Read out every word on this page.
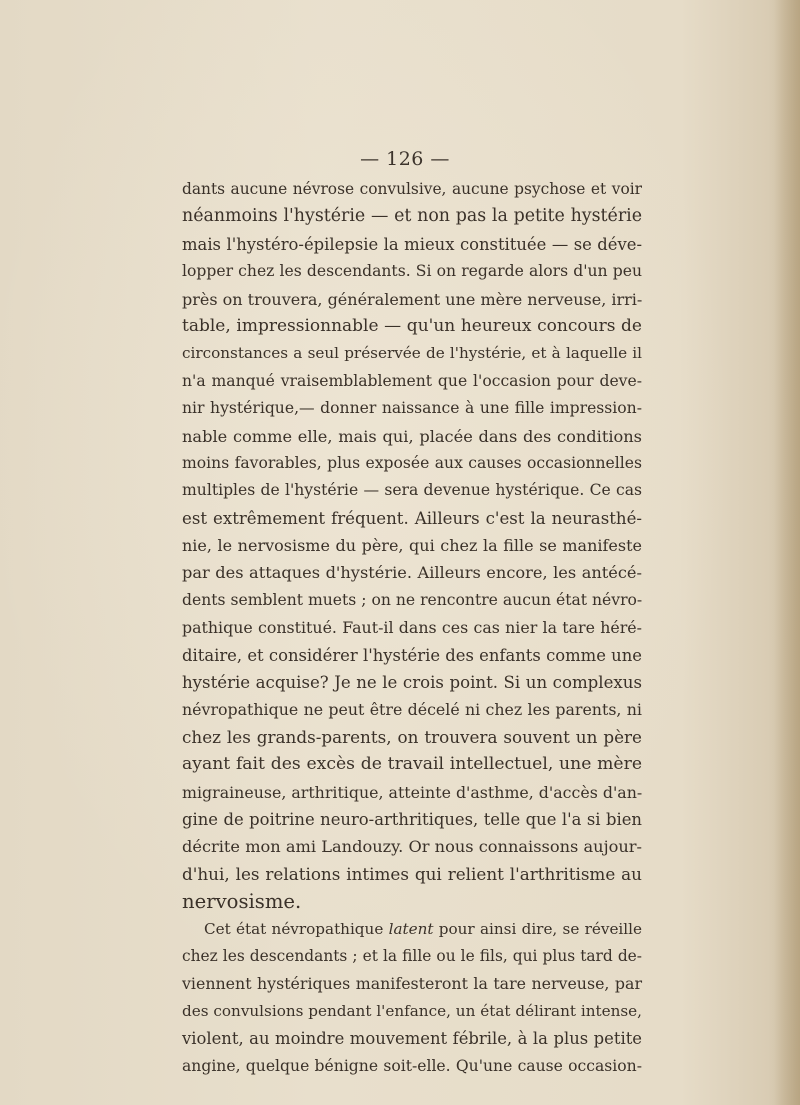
— 126 —
dants aucune névrose convulsive, aucune psychose et voir
néanmoins l'hystérie — et non pas la petite hystérie
mais l'hystéro-épilepsie la mieux constituée — se déve-
lopper chez les descendants. Si on regarde alors d'un peu
près on trouvera, généralement une mère nerveuse, irri-
table, impressionnable — qu'un heureux concours de
circonstances a seul préservée de l'hystérie, et à laquelle il
n'a manqué vraisemblablement que l'occasion pour deve-
nir hystérique,— donner naissance à une fille impression-
nable comme elle, mais qui, placée dans des conditions
moins favorables, plus exposée aux causes occasionnelles
multiples de l'hystérie — sera devenue hystérique. Ce cas
est extrêmement fréquent. Ailleurs c'est la neurasthé-
nie, le nervosisme du père, qui chez la fille se manifeste
par des attaques d'hystérie. Ailleurs encore, les antécé-
dents semblent muets ; on ne rencontre aucun état névro-
pathique constitué. Faut-il dans ces cas nier la tare héré-
ditaire, et considérer l'hystérie des enfants comme une
hystérie acquise? Je ne le crois point. Si un complexus
névropathique ne peut être décelé ni chez les parents, ni
chez les grands-parents, on trouvera souvent un père
ayant fait des excès de travail intellectuel, une mère
migraineuse, arthritique, atteinte d'asthme, d'accès d'an-
gine de poitrine neuro-arthritiques, telle que l'a si bien
décrite mon ami Landouzy. Or nous connaissons aujour-
d'hui, les relations intimes qui relient l'arthritisme au
nervosisme.
Cet état névropathique latent pour ainsi dire, se réveille
chez les descendants ; et la fille ou le fils, qui plus tard de-
viennent hystériques manifesteront la tare nerveuse, par
des convulsions pendant l'enfance, un état délirant intense,
violent, au moindre mouvement fébrile, à la plus petite
angine, quelque bénigne soit-elle. Qu'une cause occasion-
